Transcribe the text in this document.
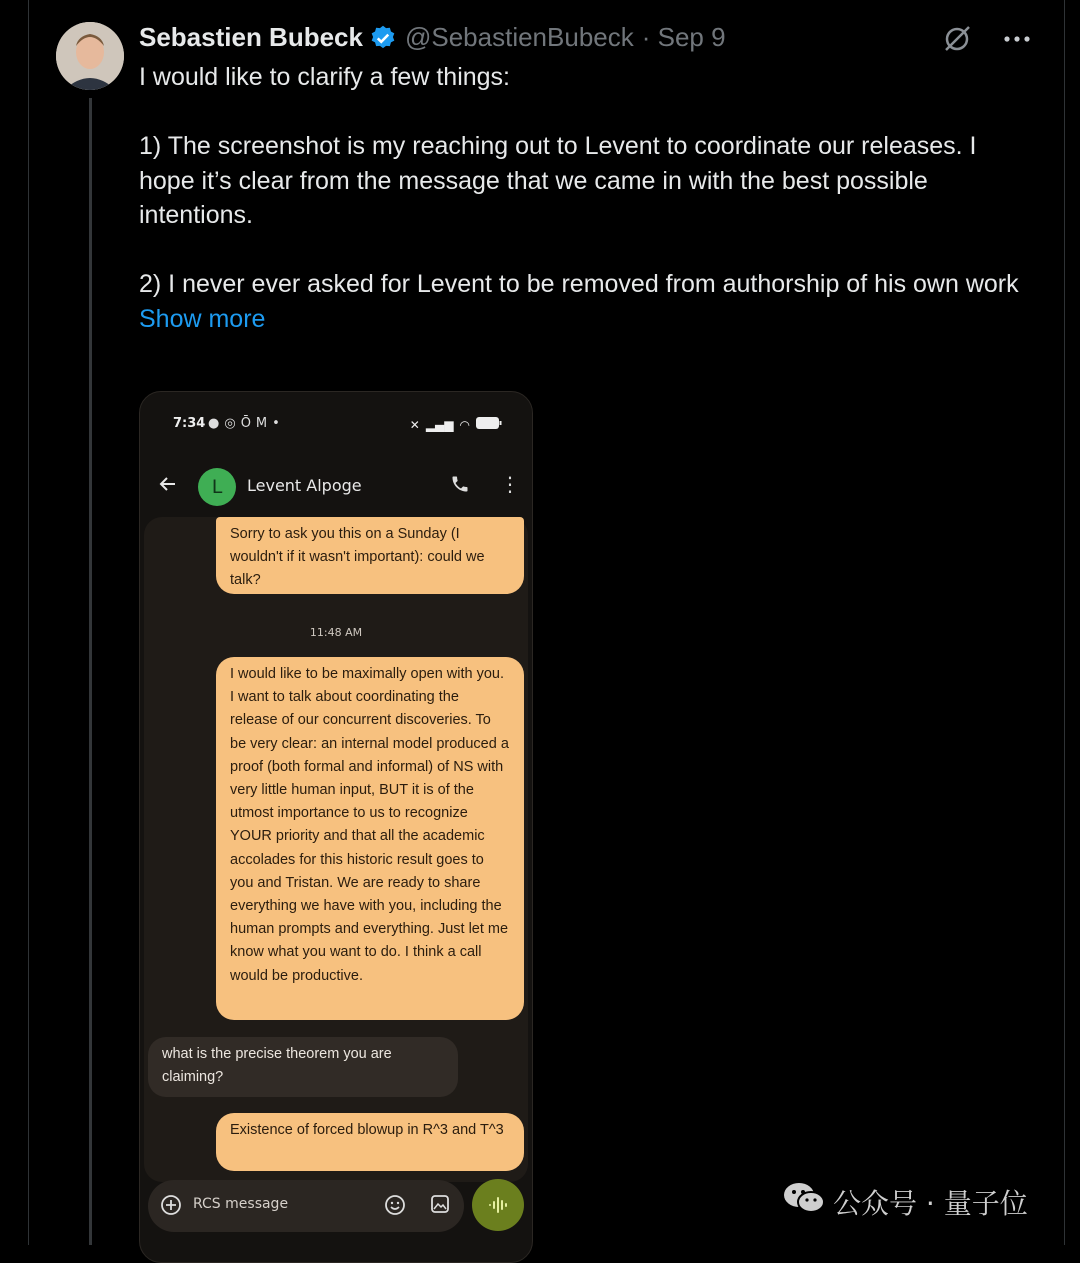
Sebastien Bubeck @SebastienBubeck · Sep 9

I would like to clarify a few things:

1) The screenshot is my reaching out to Levent to coordinate our releases. I hope it’s clear from the message that we came in with the best possible intentions.

2) I never ever asked for Levent to be removed from authorship of his own work

Show more
7:34 ● ◎ Ō M •	✕ ▂▄▆ ◠
L	Levent Alpoge	⋮
Sorry to ask you this on a Sunday (I wouldn't if it wasn't important): could we talk?
11:48 AM
I would like to be maximally open with you. I want to talk about coordinating the release of our concurrent discoveries. To be very clear: an internal model produced a proof (both formal and informal) of NS with very little human input, BUT it is of the utmost importance to us to recognize YOUR priority and that all the academic accolades for this historic result goes to you and Tristan. We are ready to share everything we have with you, including the human prompts and everything. Just let me know what you want to do. I think a call would be productive.
what is the precise theorem you are claiming?
Existence of forced blowup in R^3 and T^3
RCS message	公众号 · 量子位
